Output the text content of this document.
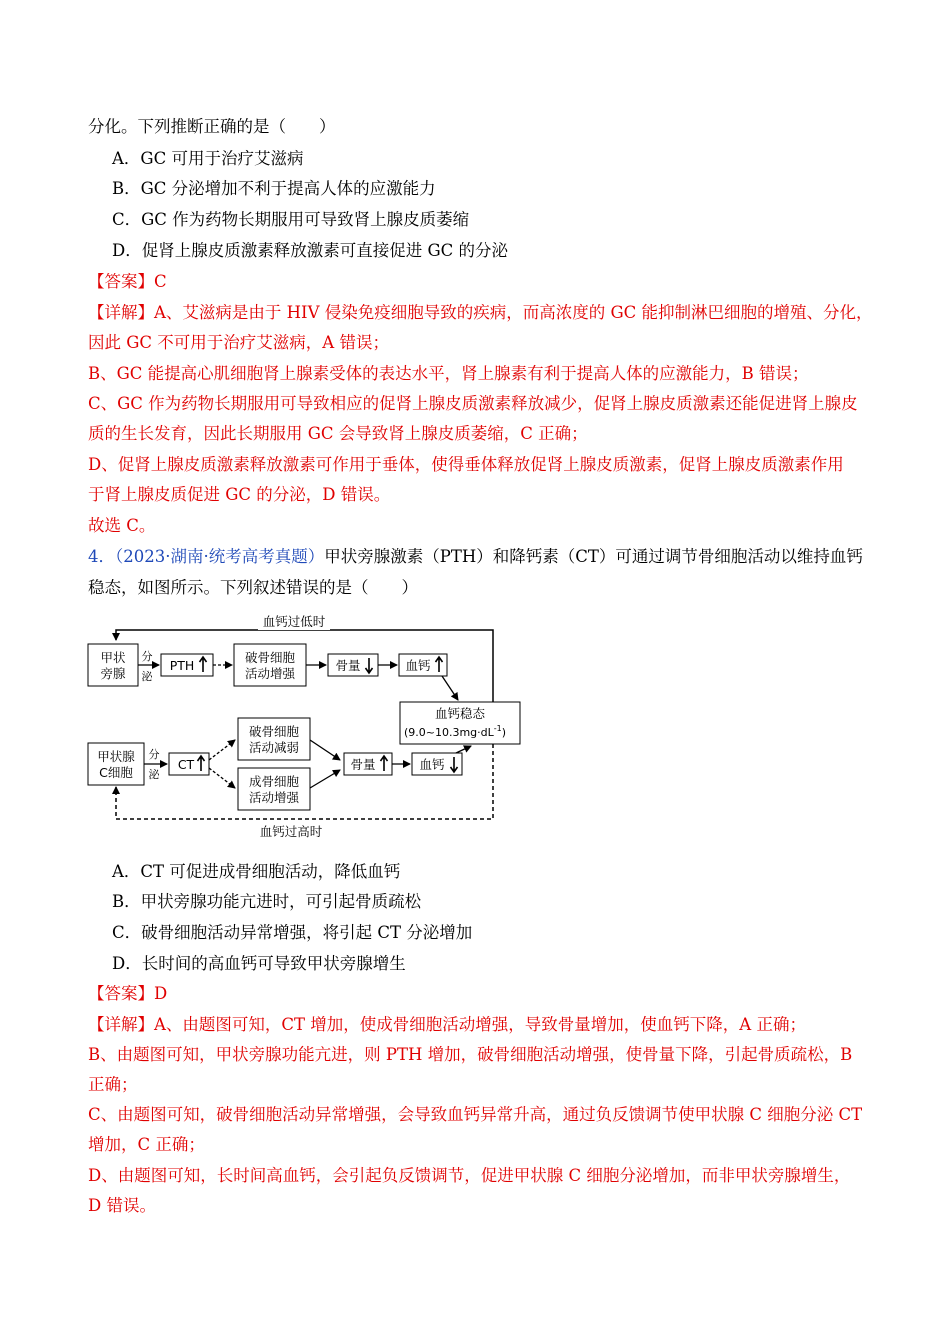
分化。下列推断正确的是（　　）
A．GC 可用于治疗艾滋病
B．GC 分泌增加不利于提高人体的应激能力
C．GC 作为药物长期服用可导致肾上腺皮质萎缩
D．促肾上腺皮质激素释放激素可直接促进 GC 的分泌
【答案】C
【详解】A、艾滋病是由于 HIV 侵染免疫细胞导致的疾病，而高浓度的 GC 能抑制淋巴细胞的增殖、分化，
因此 GC 不可用于治疗艾滋病，A 错误；
B、GC 能提高心肌细胞肾上腺素受体的表达水平，肾上腺素有利于提高人体的应激能力，B 错误；
C、GC 作为药物长期服用可导致相应的促肾上腺皮质激素释放减少，促肾上腺皮质激素还能促进肾上腺皮
质的生长发育，因此长期服用 GC 会导致肾上腺皮质萎缩，C 正确；
D、促肾上腺皮质激素释放激素可作用于垂体，使得垂体释放促肾上腺皮质激素，促肾上腺皮质激素作用
于肾上腺皮质促进 GC 的分泌，D 错误。
故选 C。
4．（2023·湖南·统考高考真题）甲状旁腺激素（PTH）和降钙素（CT）可通过调节骨细胞活动以维持血钙
稳态，如图所示。下列叙述错误的是（　　）
血钙过低时
甲状
旁腺
分
泌
PTH
破骨细胞
活动增强
骨量	血钙
血钙稳态
$(9.0\sim 10.3mg\cdot dL^{-1})$
甲状腺
C细胞
分
泌
CT
破骨细胞
活动减弱
成骨细胞
活动增强
骨量	血钙
血钙过高时
A．CT 可促进成骨细胞活动，降低血钙
B．甲状旁腺功能亢进时，可引起骨质疏松
C．破骨细胞活动异常增强，将引起 CT 分泌增加
D．长时间的高血钙可导致甲状旁腺增生
【答案】D
【详解】A、由题图可知，CT 增加，使成骨细胞活动增强，导致骨量增加，使血钙下降，A 正确；
B、由题图可知，甲状旁腺功能亢进，则 PTH 增加，破骨细胞活动增强，使骨量下降，引起骨质疏松，B
正确；
C、由题图可知，破骨细胞活动异常增强，会导致血钙异常升高，通过负反馈调节使甲状腺 C 细胞分泌 CT
增加，C 正确；
D、由题图可知，长时间高血钙，会引起负反馈调节，促进甲状腺 C 细胞分泌增加，而非甲状旁腺增生，
D 错误。
